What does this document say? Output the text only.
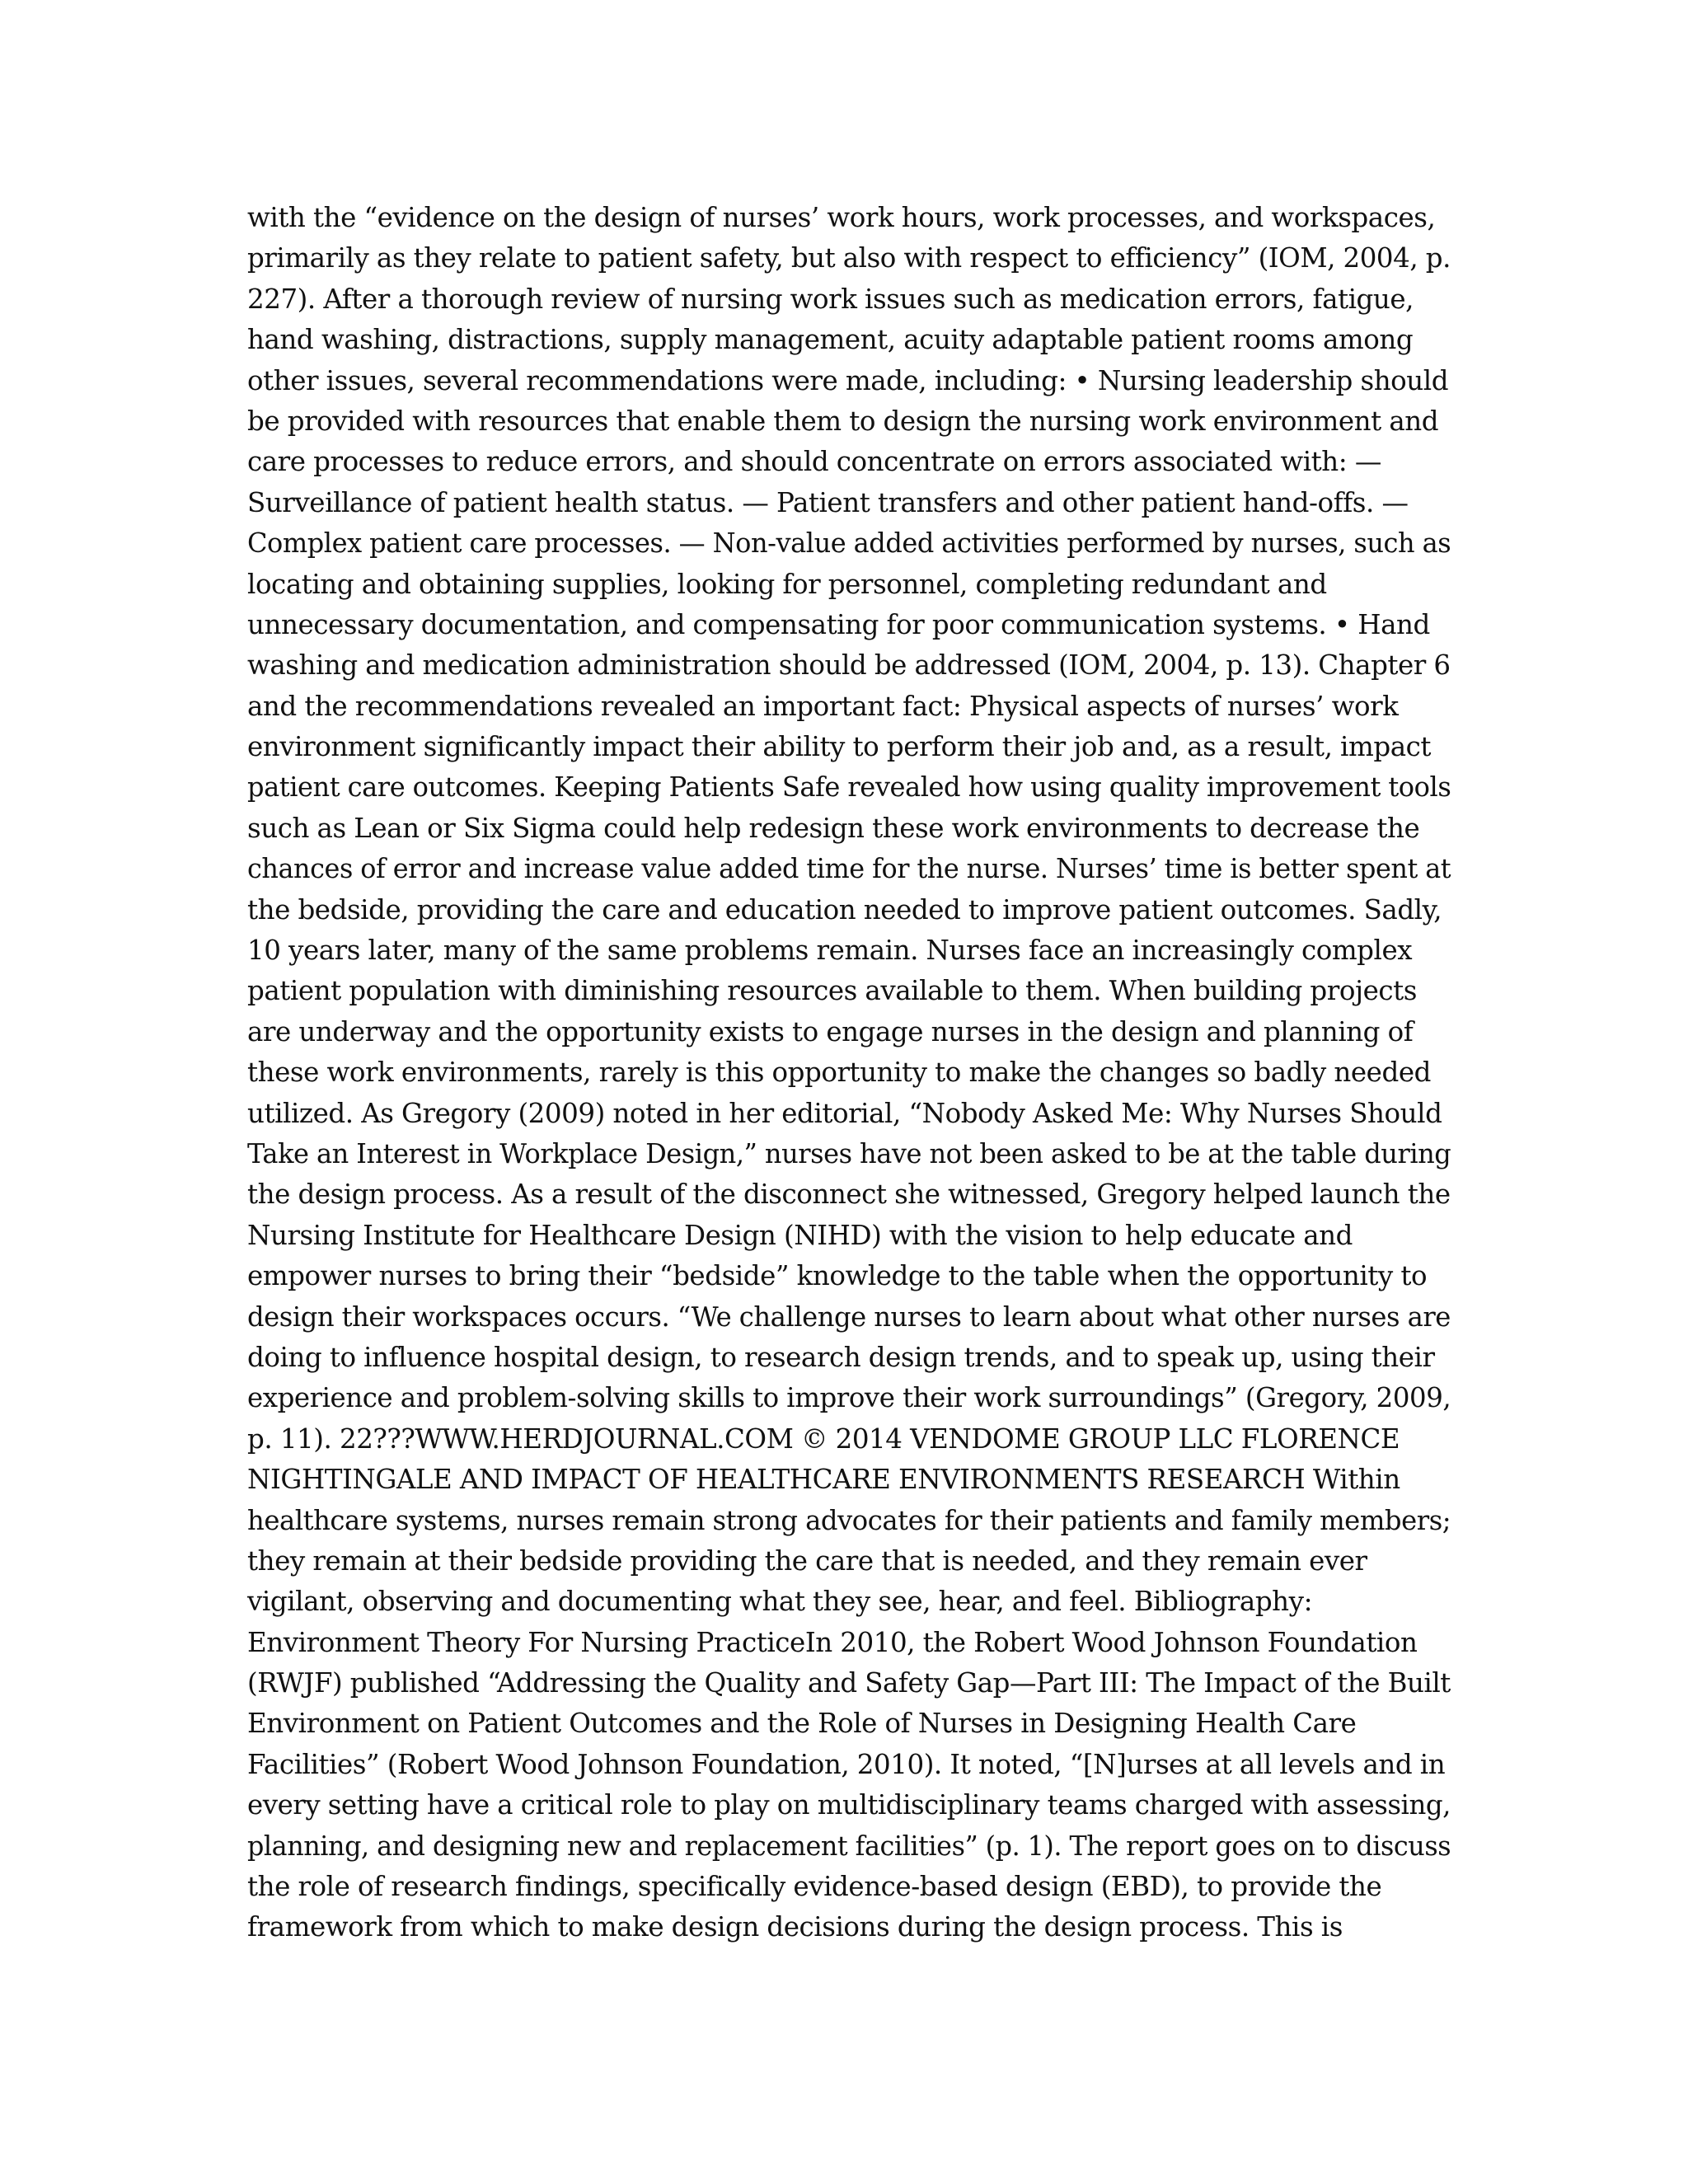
with the “evidence on the design of nurses’ work hours, work processes, and workspaces,
primarily as they relate to patient safety, but also with respect to efficiency” (IOM, 2004, p.
227). After a thorough review of nursing work issues such as medication errors, fatigue,
hand washing, distractions, supply management, acuity adaptable patient rooms among
other issues, several recommendations were made, including: • Nursing leadership should
be provided with resources that enable them to design the nursing work environment and
care processes to reduce errors, and should concentrate on errors associated with: —
Surveillance of patient health status. — Patient transfers and other patient hand-offs. —
Complex patient care processes. — Non-value added activities performed by nurses, such as
locating and obtaining supplies, looking for personnel, completing redundant and
unnecessary documentation, and compensating for poor communication systems. • Hand
washing and medication administration should be addressed (IOM, 2004, p. 13). Chapter 6
and the recommendations revealed an important fact: Physical aspects of nurses’ work
environment significantly impact their ability to perform their job and, as a result, impact
patient care outcomes. Keeping Patients Safe revealed how using quality improvement tools
such as Lean or Six Sigma could help redesign these work environments to decrease the
chances of error and increase value added time for the nurse. Nurses’ time is better spent at
the bedside, providing the care and education needed to improve patient outcomes. Sadly,
10 years later, many of the same problems remain. Nurses face an increasingly complex
patient population with diminishing resources available to them. When building projects
are underway and the opportunity exists to engage nurses in the design and planning of
these work environments, rarely is this opportunity to make the changes so badly needed
utilized. As Gregory (2009) noted in her editorial, “Nobody Asked Me: Why Nurses Should
Take an Interest in Workplace Design,” nurses have not been asked to be at the table during
the design process. As a result of the disconnect she witnessed, Gregory helped launch the
Nursing Institute for Healthcare Design (NIHD) with the vision to help educate and
empower nurses to bring their “bedside” knowledge to the table when the opportunity to
design their workspaces occurs. “We challenge nurses to learn about what other nurses are
doing to influence hospital design, to research design trends, and to speak up, using their
experience and problem-solving skills to improve their work surroundings” (Gregory, 2009,
p. 11). 22???WWW.HERDJOURNAL.COM © 2014 VENDOME GROUP LLC FLORENCE
NIGHTINGALE AND IMPACT OF HEALTHCARE ENVIRONMENTS RESEARCH Within
healthcare systems, nurses remain strong advocates for their patients and family members;
they remain at their bedside providing the care that is needed, and they remain ever
vigilant, observing and documenting what they see, hear, and feel. Bibliography:
Environment Theory For Nursing PracticeIn 2010, the Robert Wood Johnson Foundation
(RWJF) published “Addressing the Quality and Safety Gap—Part III: The Impact of the Built
Environment on Patient Outcomes and the Role of Nurses in Designing Health Care
Facilities” (Robert Wood Johnson Foundation, 2010). It noted, “[N]urses at all levels and in
every setting have a critical role to play on multidisciplinary teams charged with assessing,
planning, and designing new and replacement facilities” (p. 1). The report goes on to discuss
the role of research findings, specifically evidence-based design (EBD), to provide the
framework from which to make design decisions during the design process. This is
